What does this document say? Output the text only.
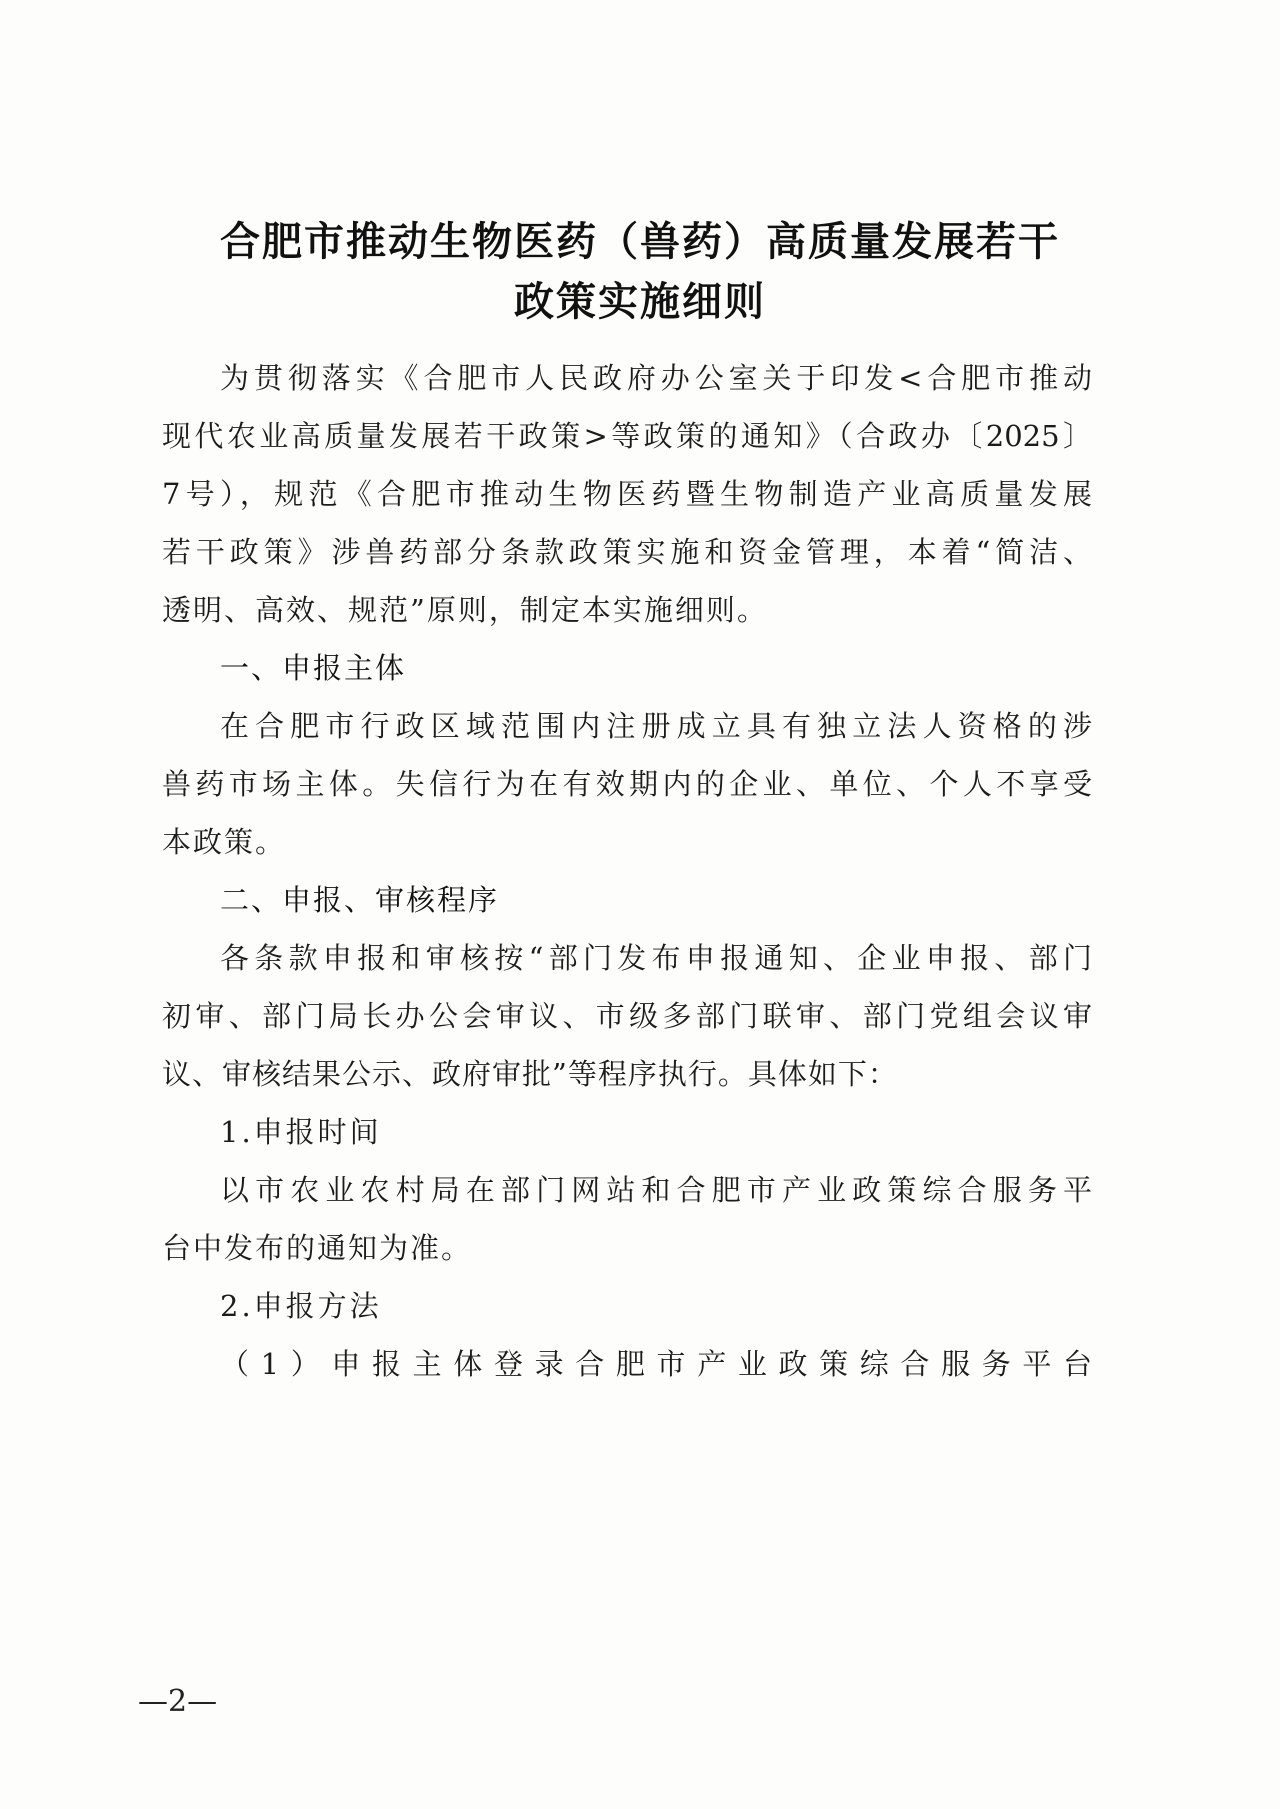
合肥市推动生物医药（兽药）高质量发展若干
政策实施细则

为贯彻落实《合肥市人民政府办公室关于印发<合肥市推动

现代农业高质量发展若干政策>等政策的通知》（合政办〔2025〕

7号），规范《合肥市推动生物医药暨生物制造产业高质量发展

若干政策》涉兽药部分条款政策实施和资金管理，本着“简洁、

透明、高效、规范”原则，制定本实施细则。

一、申报主体

在合肥市行政区域范围内注册成立具有独立法人资格的涉

兽药市场主体。失信行为在有效期内的企业、单位、个人不享受

本政策。

二、申报、审核程序

各条款申报和审核按“部门发布申报通知、企业申报、部门

初审、部门局长办公会审议、市级多部门联审、部门党组会议审

议、审核结果公示、政府审批”等程序执行。具体如下：

1.申报时间

以市农业农村局在部门网站和合肥市产业政策综合服务平

台中发布的通知为准。

2.申报方法

（1）申报主体登录合肥市产业政策综合服务平台

—2—
